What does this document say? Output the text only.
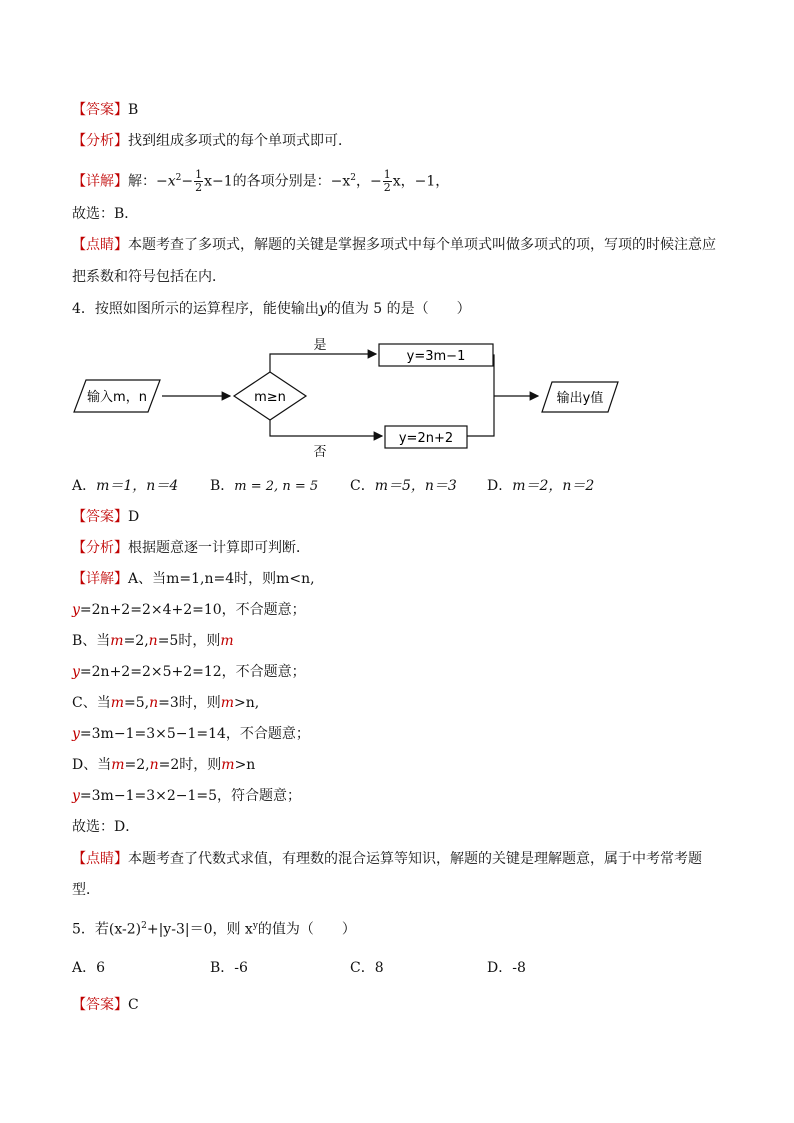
【答案】B
【分析】找到组成多项式的每个单项式即可．
【详解】解：$-x^2- \frac{1}{2} x-1$的各项分别是：$-x^2$，− $\frac{1}{2}$ x，−1，
故选：B．
【点睛】本题考查了多项式，解题的关键是掌握多项式中每个单项式叫做多项式的项，写项的时候注意应
把系数和符号包括在内．
4．按照如图所示的运算程序，能使输出y的值为 5 的是（　　）
输入m，n	m≥n
是
y=3m−1
否
y=2n+2
输出y值
A．m＝1，n＝4 B．m = 2, n = 5 C．m＝5，n＝3 D．m＝2，n＝2
【答案】D
【分析】根据题意逐一计算即可判断．
【详解】A、当m=1,n=4时，则m<n,
y=2n+2=2×4+2=10，不合题意；
B、当m=2,n=5时，则m
y=2n+2=2×5+2=12，不合题意；
C、当m=5,n=3时，则m>n,
y=3m−1=3×5−1=14，不合题意；
D、当m=2,n=2时，则m>n
y=3m−1=3×2−1=5，符合题意；
故选：D．
【点睛】本题考查了代数式求值，有理数的混合运算等知识，解题的关键是理解题意，属于中考常考题
型．
5．若$(x-2)^2+|y-3|=0$，则 $x^y$的值为（　　）
A．6	B．-6	C．8	D．-8
【答案】C
